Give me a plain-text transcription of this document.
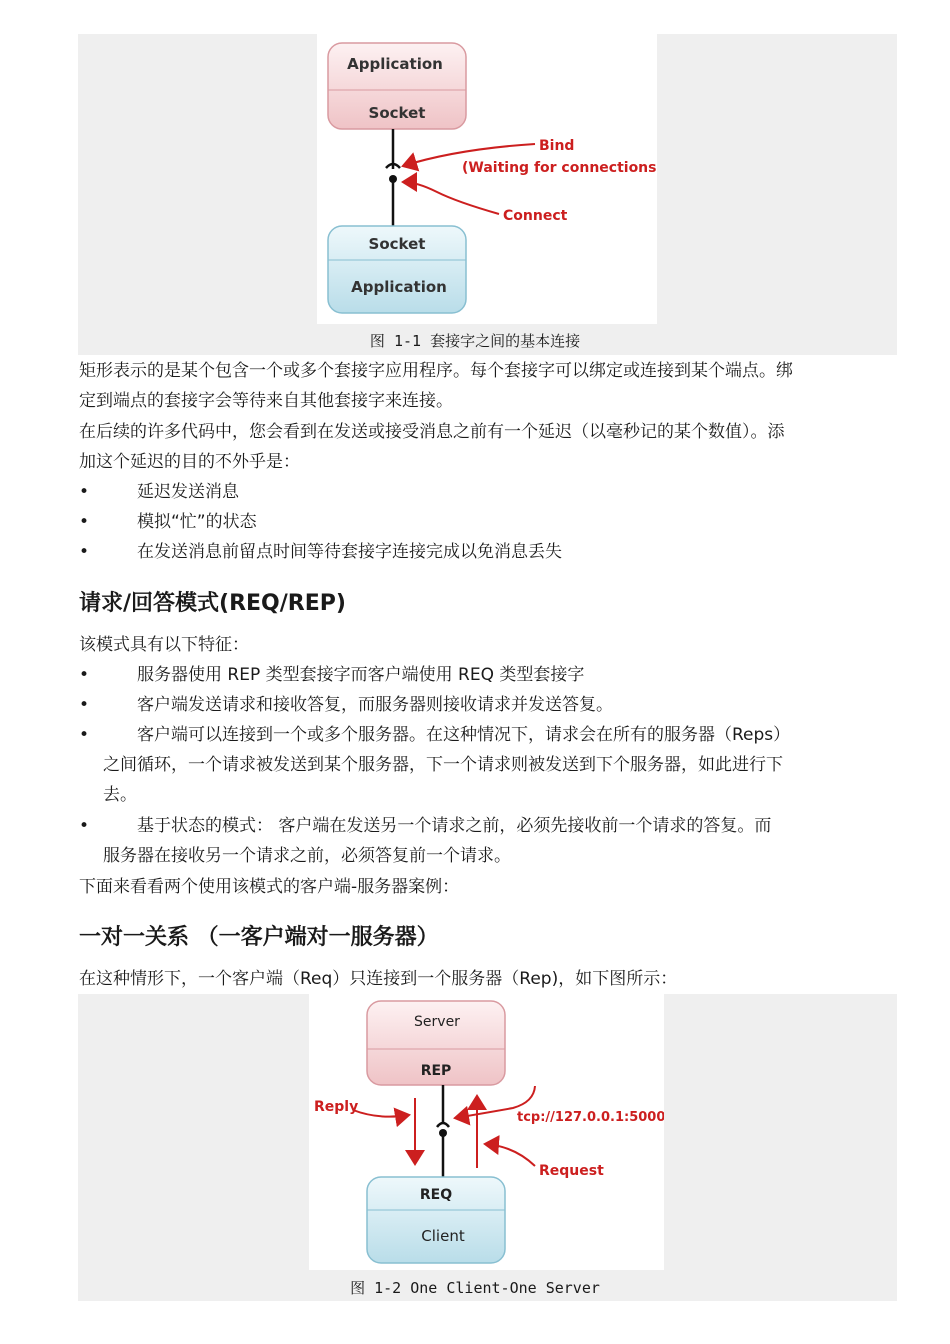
Application
Socket
Bind
(Waiting for connections)
Connect
Socket
Application
图 1-1 套接字之间的基本连接
矩形表示的是某个包含一个或多个套接字应用程序。每个套接字可以绑定或连接到某个端点。绑
定到端点的套接字会等待来自其他套接字来连接。
在后续的许多代码中，您会看到在发送或接受消息之前有一个延迟（以毫秒记的某个数值）。添
加这个延迟的目的不外乎是：
•	延迟发送消息
•	模拟“忙”的状态
•	在发送消息前留点时间等待套接字连接完成以免消息丢失
请求/回答模式(REQ/REP)
该模式具有以下特征：
•	服务器使用 REP 类型套接字而客户端使用 REQ 类型套接字
•	客户端发送请求和接收答复，而服务器则接收请求并发送答复。
•	客户端可以连接到一个或多个服务器。在这种情况下，请求会在所有的服务器（Reps）
之间循环，一个请求被发送到某个服务器，下一个请求则被发送到下个服务器，如此进行下
去。
•	基于状态的模式： 客户端在发送另一个请求之前，必须先接收前一个请求的答复。而
服务器在接收另一个请求之前，必须答复前一个请求。
下面来看看两个使用该模式的客户端-服务器案例：
一对一关系 （一客户端对一服务器）
在这种情形下，一个客户端（Req）只连接到一个服务器（Rep)，如下图所示：
Server
REP
Reply
Request
tcp://127.0.0.1:5000
REQ
Client
图 1-2 One Client-One Server
